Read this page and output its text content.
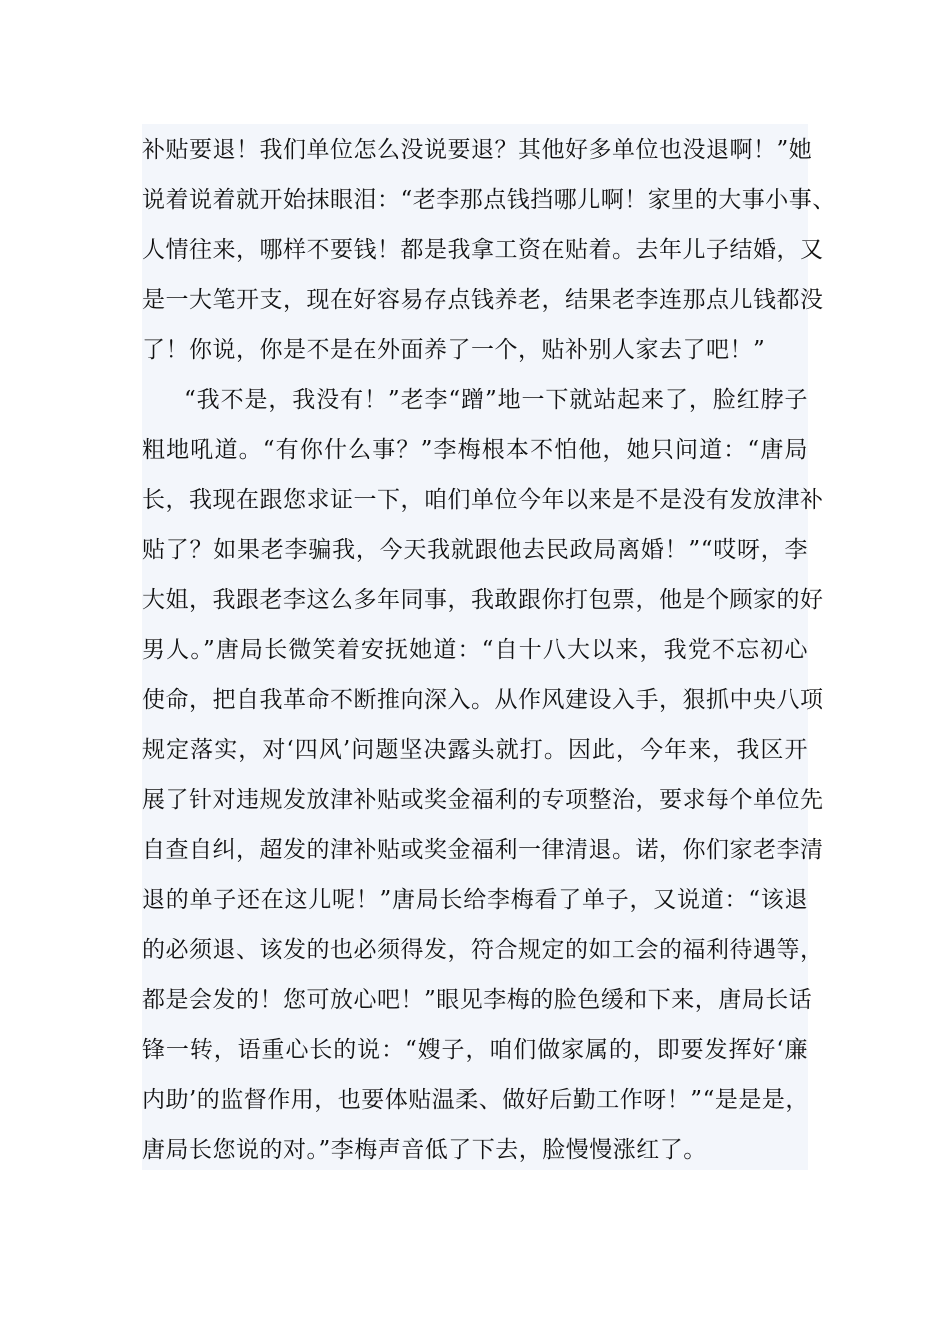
补贴要退！我们单位怎么没说要退？其他好多单位也没退啊！”她
说着说着就开始抹眼泪：“老李那点钱挡哪儿啊！家里的大事小事、
人情往来，哪样不要钱！都是我拿工资在贴着。去年儿子结婚，又
是一大笔开支，现在好容易存点钱养老，结果老李连那点儿钱都没
了！你说，你是不是在外面养了一个，贴补别人家去了吧！”
“我不是，我没有！”老李“蹭”地一下就站起来了，脸红脖子
粗地吼道。“有你什么事？”李梅根本不怕他，她只问道：“唐局
长，我现在跟您求证一下，咱们单位今年以来是不是没有发放津补
贴了？如果老李骗我，今天我就跟他去民政局离婚！”“哎呀，李
大姐，我跟老李这么多年同事，我敢跟你打包票，他是个顾家的好
男人。”唐局长微笑着安抚她道：“自十八大以来，我党不忘初心
使命，把自我革命不断推向深入。从作风建设入手，狠抓中央八项
规定落实，对‘四风’问题坚决露头就打。因此，今年来，我区开
展了针对违规发放津补贴或奖金福利的专项整治，要求每个单位先
自查自纠，超发的津补贴或奖金福利一律清退。诺，你们家老李清
退的单子还在这儿呢！”唐局长给李梅看了单子，又说道：“该退
的必须退、该发的也必须得发，符合规定的如工会的福利待遇等，
都是会发的！您可放心吧！”眼见李梅的脸色缓和下来，唐局长话
锋一转，语重心长的说：“嫂子，咱们做家属的，即要发挥好‘廉
内助’的监督作用，也要体贴温柔、做好后勤工作呀！”“是是是，
唐局长您说的对。”李梅声音低了下去，脸慢慢涨红了。
